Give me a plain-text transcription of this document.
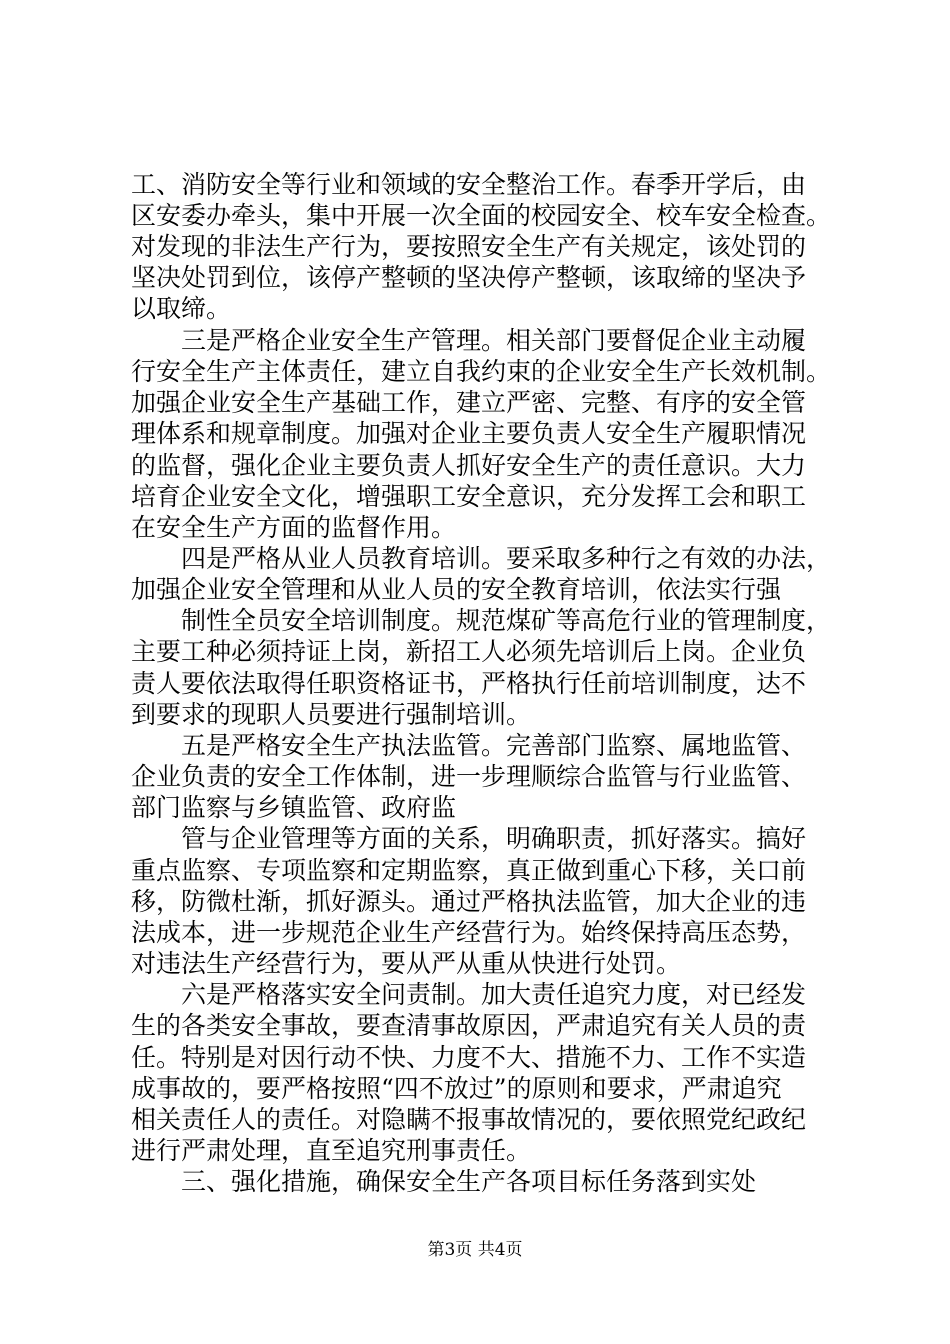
工、消防安全等行业和领域的安全整治工作。春季开学后，由
区安委办牵头，集中开展一次全面的校园安全、校车安全检查。
对发现的非法生产行为，要按照安全生产有关规定，该处罚的
坚决处罚到位，该停产整顿的坚决停产整顿，该取缔的坚决予
以取缔。
三是严格企业安全生产管理。相关部门要督促企业主动履
行安全生产主体责任，建立自我约束的企业安全生产长效机制。
加强企业安全生产基础工作，建立严密、完整、有序的安全管
理体系和规章制度。加强对企业主要负责人安全生产履职情况
的监督，强化企业主要负责人抓好安全生产的责任意识。大力
培育企业安全文化，增强职工安全意识，充分发挥工会和职工
在安全生产方面的监督作用。
四是严格从业人员教育培训。要采取多种行之有效的办法，
加强企业安全管理和从业人员的安全教育培训，依法实行强
制性全员安全培训制度。规范煤矿等高危行业的管理制度，
主要工种必须持证上岗，新招工人必须先培训后上岗。企业负
责人要依法取得任职资格证书，严格执行任前培训制度，达不
到要求的现职人员要进行强制培训。
五是严格安全生产执法监管。完善部门监察、属地监管、
企业负责的安全工作体制，进一步理顺综合监管与行业监管、
部门监察与乡镇监管、政府监
管与企业管理等方面的关系，明确职责，抓好落实。搞好
重点监察、专项监察和定期监察，真正做到重心下移，关口前
移，防微杜渐，抓好源头。通过严格执法监管，加大企业的违
法成本，进一步规范企业生产经营行为。始终保持高压态势，
对违法生产经营行为，要从严从重从快进行处罚。
六是严格落实安全问责制。加大责任追究力度，对已经发
生的各类安全事故，要查清事故原因，严肃追究有关人员的责
任。特别是对因行动不快、力度不大、措施不力、工作不实造
成事故的，要严格按照“四不放过”的原则和要求，严肃追究
相关责任人的责任。对隐瞒不报事故情况的，要依照党纪政纪
进行严肃处理，直至追究刑事责任。
三、强化措施，确保安全生产各项目标任务落到实处
第3页 共4页
